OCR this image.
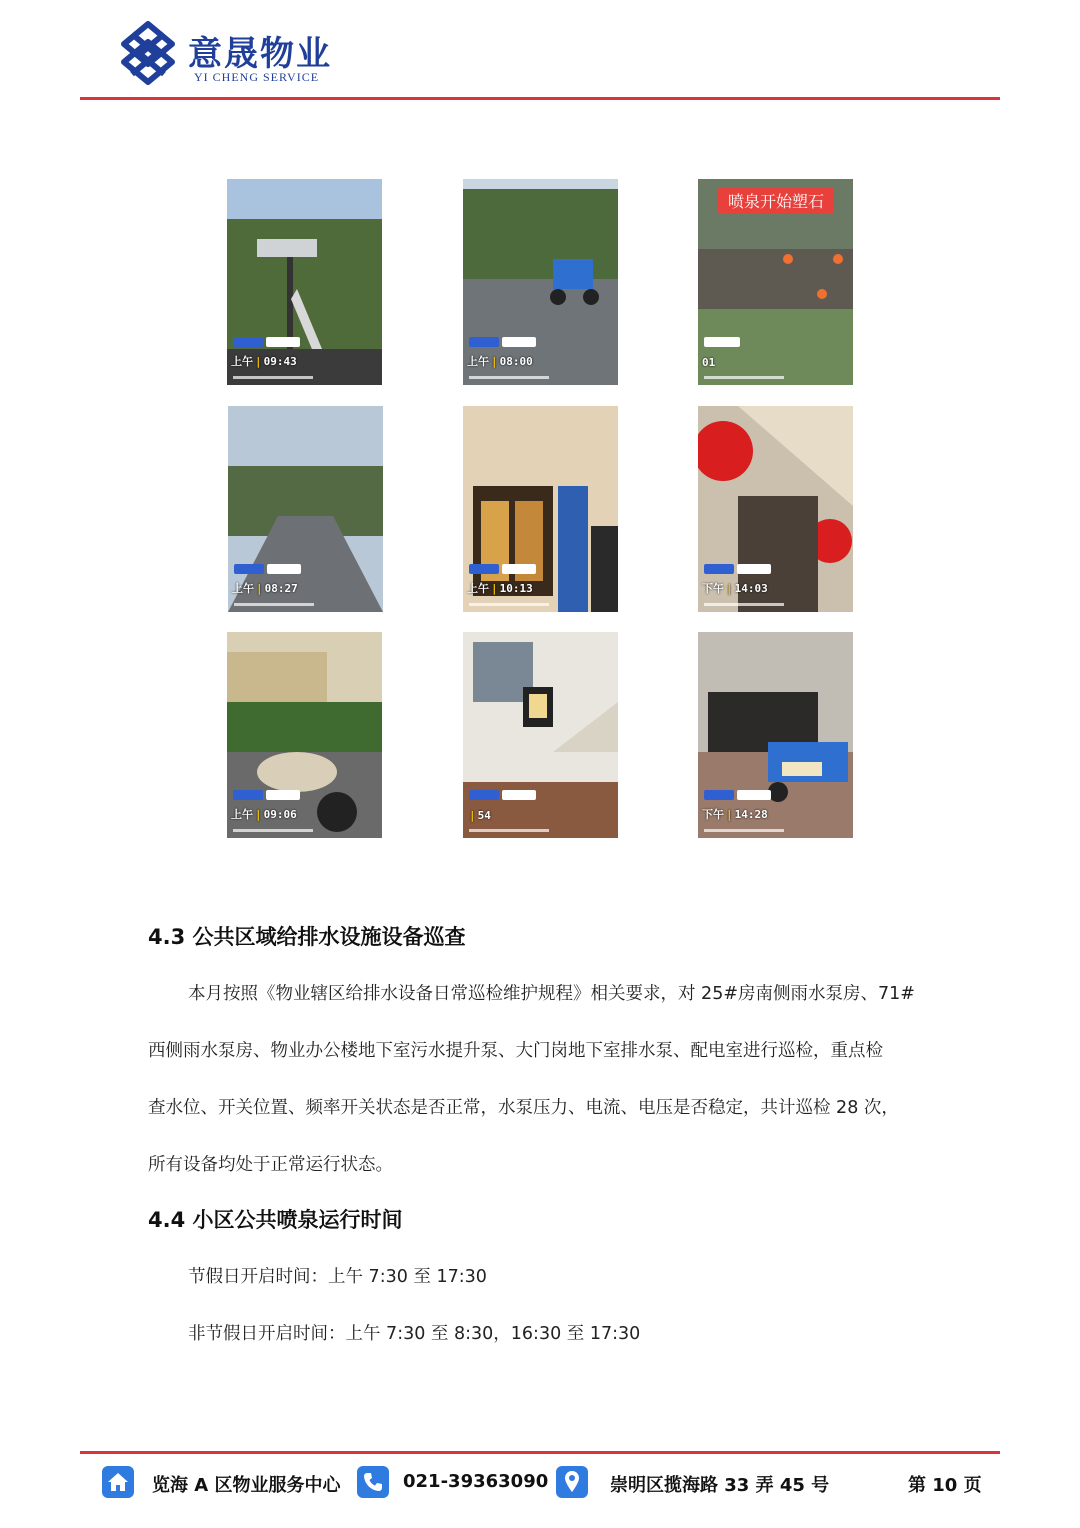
意晟物业
YI CHENG SERVICE
上午 | 09:43	上午 | 08:00
喷泉开始塑石
01
上午 | 08:27	上午 | 10:13	下午 | 14:03
上午 | 09:06	| 54	下午 | 14:28
4.3 公共区域给排水设施设备巡查
本月按照《物业辖区给排水设备日常巡检维护规程》相关要求，对 25#房南侧雨水泵房、71#
西侧雨水泵房、物业办公楼地下室污水提升泵、大门岗地下室排水泵、配电室进行巡检，重点检
查水位、开关位置、频率开关状态是否正常，水泵压力、电流、电压是否稳定，共计巡检 28 次，
所有设备均处于正常运行状态。
4.4 小区公共喷泉运行时间
节假日开启时间：上午 7:30 至 17:30
非节假日开启时间：上午 7:30 至 8:30，16:30 至 17:30
览海 A 区物业服务中心	021-39363090	崇明区揽海路 33 弄 45 号	第 10 页
